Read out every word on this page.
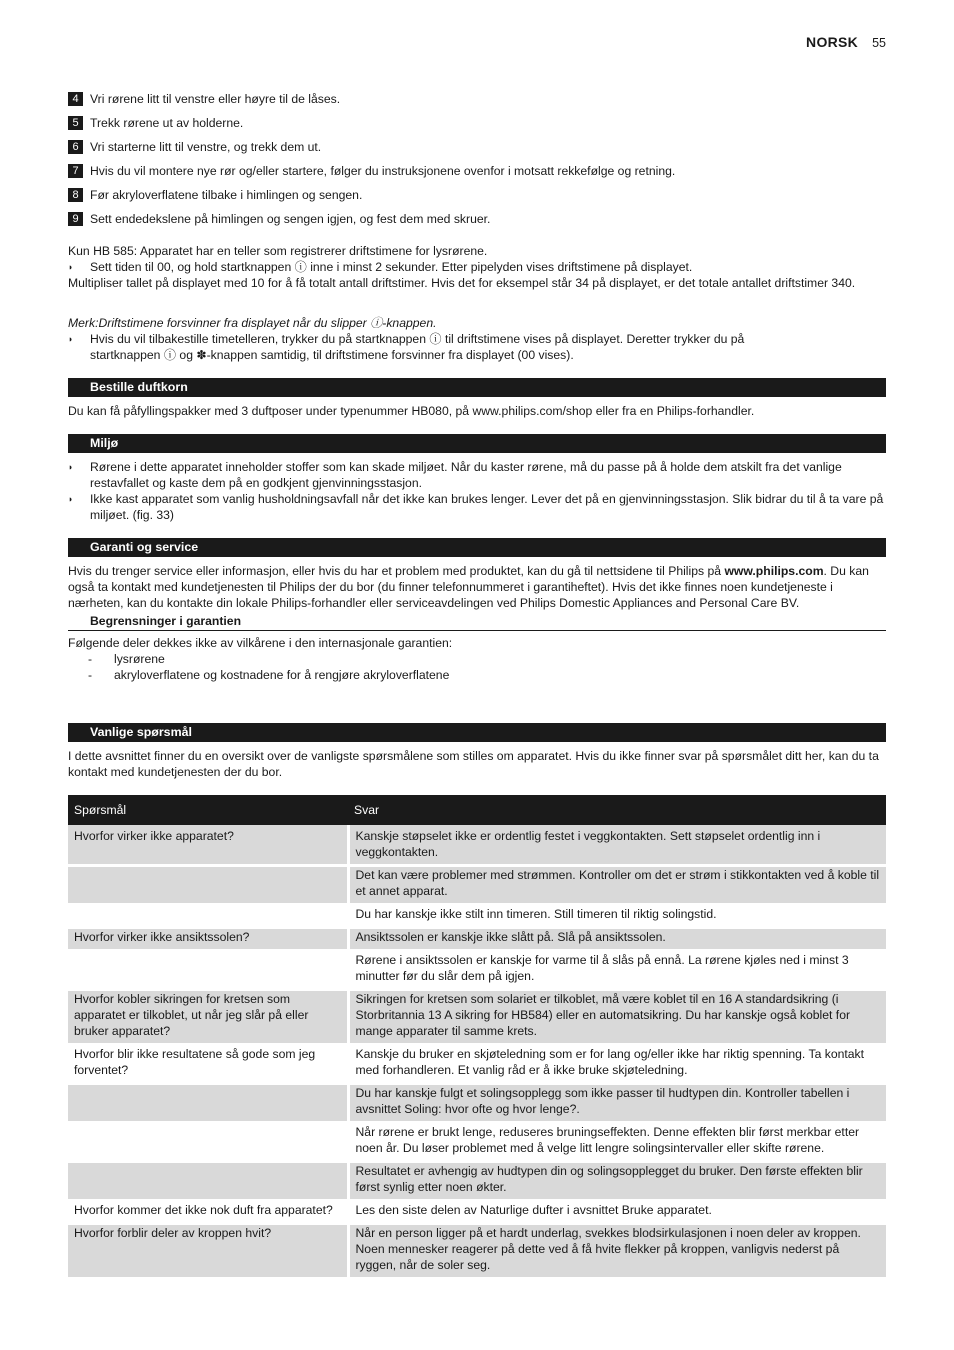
NORSK 55
4 Vri rørene litt til venstre eller høyre til de låses.
5 Trekk rørene ut av holderne.
6 Vri starterne litt til venstre, og trekk dem ut.
7 Hvis du vil montere nye rør og/eller startere, følger du instruksjonene ovenfor i motsatt rekkefølge og retning.
8 Før akryloverflatene tilbake i himlingen og sengen.
9 Sett endedekslene på himlingen og sengen igjen, og fest dem med skruer.

Kun HB 585: Apparatet har en teller som registrerer driftstimene for lysrørene.

◗	Sett tiden til 00, og hold startknappen ⓘ inne i minst 2 sekunder. Etter pipelyden vises driftstimene på displayet.

Multipliser tallet på displayet med 10 for å få totalt antall driftstimer. Hvis det for eksempel står 34 på displayet, er det totale antallet driftstimer 340.

Merk:Driftstimene forsvinner fra displayet når du slipper ⓘ-knappen.

◗	Hvis du vil tilbakestille timetelleren, trykker du på startknappen ⓘ til driftstimene vises på displayet. Deretter trykker du på
startknappen ⓘ og ✽-knappen samtidig, til driftstimene forsvinner fra displayet (00 vises).
Bestille duftkorn

Du kan få påfyllingspakker med 3 duftposer under typenummer HB080, på www.philips.com/shop eller fra en Philips-forhandler.

Miljø
◗	Rørene i dette apparatet inneholder stoffer som kan skade miljøet. Når du kaster rørene, må du passe på å holde dem atskilt fra det vanlige restavfallet og kaste dem på en godkjent gjenvinningsstasjon.
◗	Ikke kast apparatet som vanlig husholdningsavfall når det ikke kan brukes lenger. Lever det på en gjenvinningsstasjon. Slik bidrar du til å ta vare på miljøet. (fig. 33)
Garanti og service

Hvis du trenger service eller informasjon, eller hvis du har et problem med produktet, kan du gå til nettsidene til Philips på www.philips.com. Du kan også ta kontakt med kundetjenesten til Philips der du bor (du finner telefonnummeret i garantiheftet). Hvis det ikke finnes noen kundetjeneste i nærheten, kan du kontakte din lokale Philips-forhandler eller serviceavdelingen ved Philips Domestic Appliances and Personal Care BV.

Begrensninger i garantien

Følgende deler dekkes ikke av vilkårene i den internasjonale garantien:

-	lysrørene
-	akryloverflatene og kostnadene for å rengjøre akryloverflatene
Vanlige spørsmål

I dette avsnittet finner du en oversikt over de vanligste spørsmålene som stilles om apparatet. Hvis du ikke finner svar på spørsmålet ditt her, kan du ta kontakt med kundetjenesten der du bor.

Spørsmål	Svar
Hvorfor virker ikke apparatet?	Kanskje støpselet ikke er ordentlig festet i veggkontakten. Sett støpselet ordentlig inn i veggkontakten.
	Det kan være problemer med strømmen. Kontroller om det er strøm i stikkontakten ved å koble til et annet apparat.
	Du har kanskje ikke stilt inn timeren. Still timeren til riktig solingstid.
Hvorfor virker ikke ansiktssolen?	Ansiktssolen er kanskje ikke slått på. Slå på ansiktssolen.
	Rørene i ansiktssolen er kanskje for varme til å slås på ennå. La rørene kjøles ned i minst 3 minutter før du slår dem på igjen.
Hvorfor kobler sikringen for kretsen som apparatet er tilkoblet, ut når jeg slår på eller bruker apparatet?	Sikringen for kretsen som solariet er tilkoblet, må være koblet til en 16 A standardsikring (i Storbritannia 13 A sikring for HB584) eller en automatsikring. Du har kanskje også koblet for mange apparater til samme krets.
Hvorfor blir ikke resultatene så gode som jeg forventet?	Kanskje du bruker en skjøteledning som er for lang og/eller ikke har riktig spenning. Ta kontakt med forhandleren. Et vanlig råd er å ikke bruke skjøteledning.
	Du har kanskje fulgt et solingsopplegg som ikke passer til hudtypen din. Kontroller tabellen i avsnittet Soling: hvor ofte og hvor lenge?.
	Når rørene er brukt lenge, reduseres bruningseffekten. Denne effekten blir først merkbar etter noen år. Du løser problemet med å velge litt lengre solingsintervaller eller skifte rørene.
	Resultatet er avhengig av hudtypen din og solingsopplegget du bruker. Den første effekten blir først synlig etter noen økter.
Hvorfor kommer det ikke nok duft fra apparatet?	Les den siste delen av Naturlige dufter i avsnittet Bruke apparatet.
Hvorfor forblir deler av kroppen hvit?	Når en person ligger på et hardt underlag, svekkes blodsirkulasjonen i noen deler av kroppen. Noen mennesker reagerer på dette ved å få hvite flekker på kroppen, vanligvis nederst på ryggen, når de soler seg.
